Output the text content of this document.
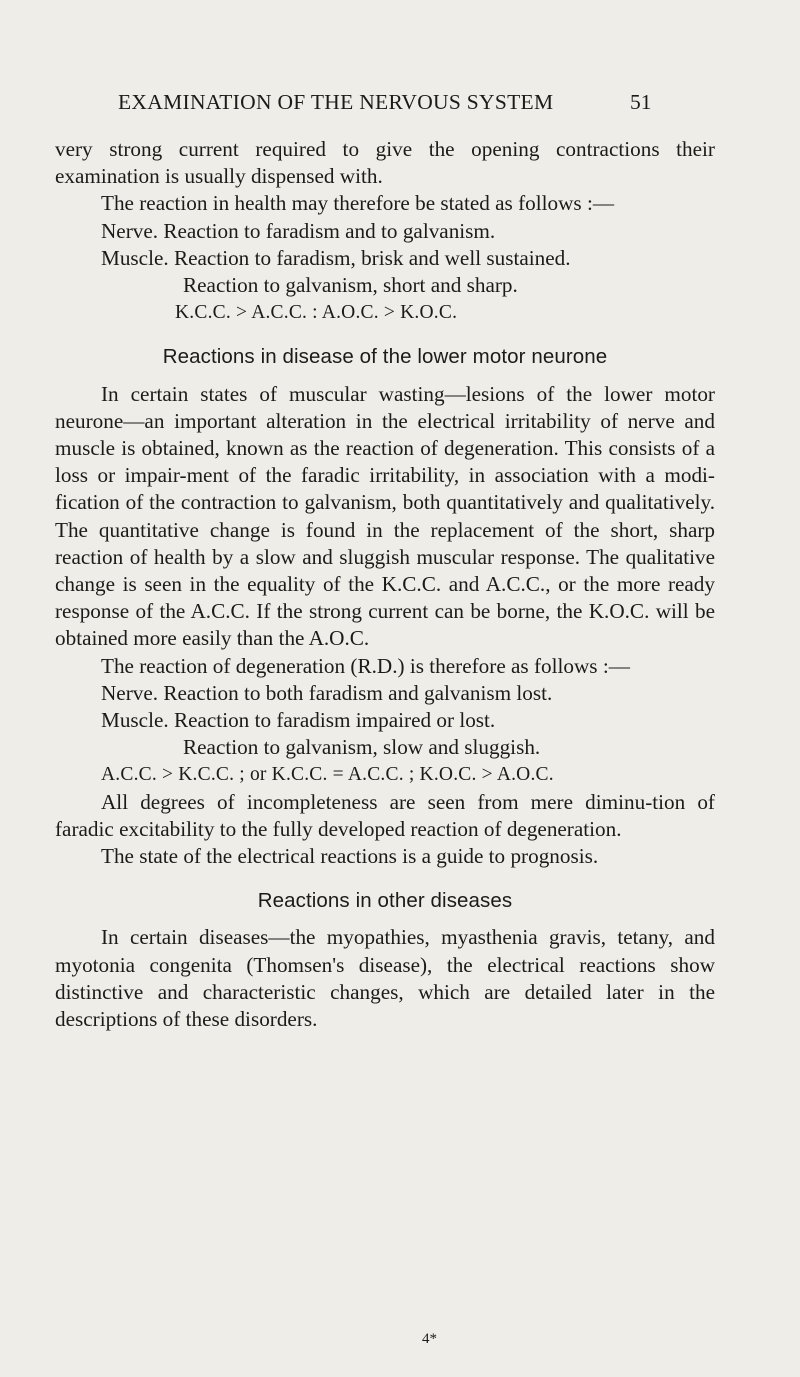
EXAMINATION OF THE NERVOUS SYSTEM	51

very strong current required to give the opening contractions their examination is usually dispensed with.

The reaction in health may therefore be stated as follows :—

Nerve. Reaction to faradism and to galvanism.

Muscle. Reaction to faradism, brisk and well sustained.

Reaction to galvanism, short and sharp.

K.C.C. > A.C.C. : A.O.C. > K.O.C.

Reactions in disease of the lower motor neurone

In certain states of muscular wasting—lesions of the lower motor neurone—an important alteration in the electrical irritability of nerve and muscle is obtained, known as the reaction of degeneration. This consists of a loss or impair-ment of the faradic irritability, in association with a modi-fication of the contraction to galvanism, both quantitatively and qualitatively. The quantitative change is found in the replacement of the short, sharp reaction of health by a slow and sluggish muscular response. The qualitative change is seen in the equality of the K.C.C. and A.C.C., or the more ready response of the A.C.C. If the strong current can be borne, the K.O.C. will be obtained more easily than the A.O.C.

The reaction of degeneration (R.D.) is therefore as follows :—

Nerve. Reaction to both faradism and galvanism lost.

Muscle. Reaction to faradism impaired or lost.

Reaction to galvanism, slow and sluggish.

A.C.C. > K.C.C. ; or K.C.C. = A.C.C. ; K.O.C. > A.O.C.

All degrees of incompleteness are seen from mere diminu-tion of faradic excitability to the fully developed reaction of degeneration.

The state of the electrical reactions is a guide to prognosis.

Reactions in other diseases

In certain diseases—the myopathies, myasthenia gravis, tetany, and myotonia congenita (Thomsen's disease), the electrical reactions show distinctive and characteristic changes, which are detailed later in the descriptions of these disorders.

4*
